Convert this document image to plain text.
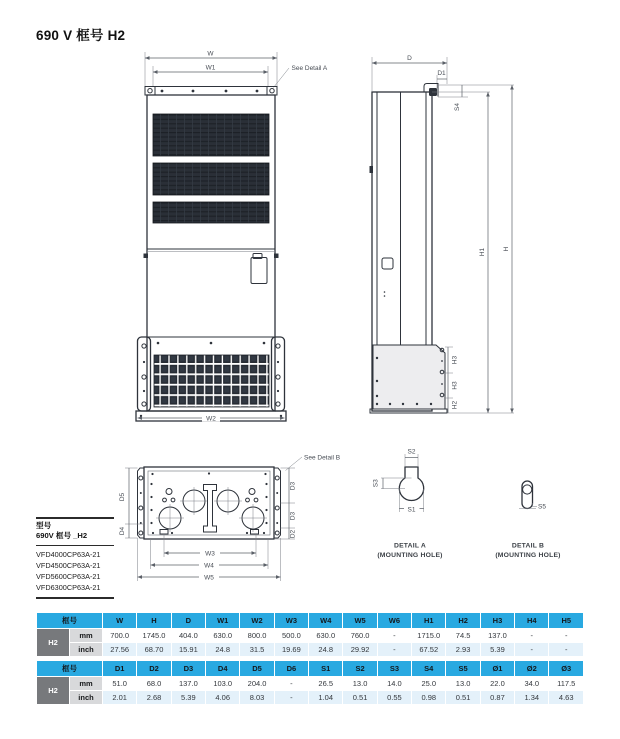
690 V 框号 H2
W
W1	See Detail A
W2
D
D1
S4
H1	H
H3
H3
H2
See Detail B
D5
D4
D3
D3
D2
W3
W4
W5
S3
S2
S1
DETAIL A
(MOUNTING HOLE)
S5
DETAIL B
(MOUNTING HOLE)
型号
690V 框号 _H2
VFD4000CP63A-21
VFD4500CP63A-21
VFD5600CP63A-21
VFD6300CP63A-21
框号		W	H	D	W1	W2	W3	W4	W5	W6	H1	H2	H3	H4	H5
H2	mm	700.0	1745.0	404.0	630.0	800.0	500.0	630.0	760.0	-	1715.0	74.5	137.0	-	-
	inch	27.56	68.70	15.91	24.8	31.5	19.69	24.8	29.92	-	67.52	2.93	5.39	-	-
框号		D1	D2	D3	D4	D5	D6	S1	S2	S3	S4	S5	Ø1	Ø2	Ø3
H2	mm	51.0	68.0	137.0	103.0	204.0	-	26.5	13.0	14.0	25.0	13.0	22.0	34.0	117.5
	inch	2.01	2.68	5.39	4.06	8.03	-	1.04	0.51	0.55	0.98	0.51	0.87	1.34	4.63
